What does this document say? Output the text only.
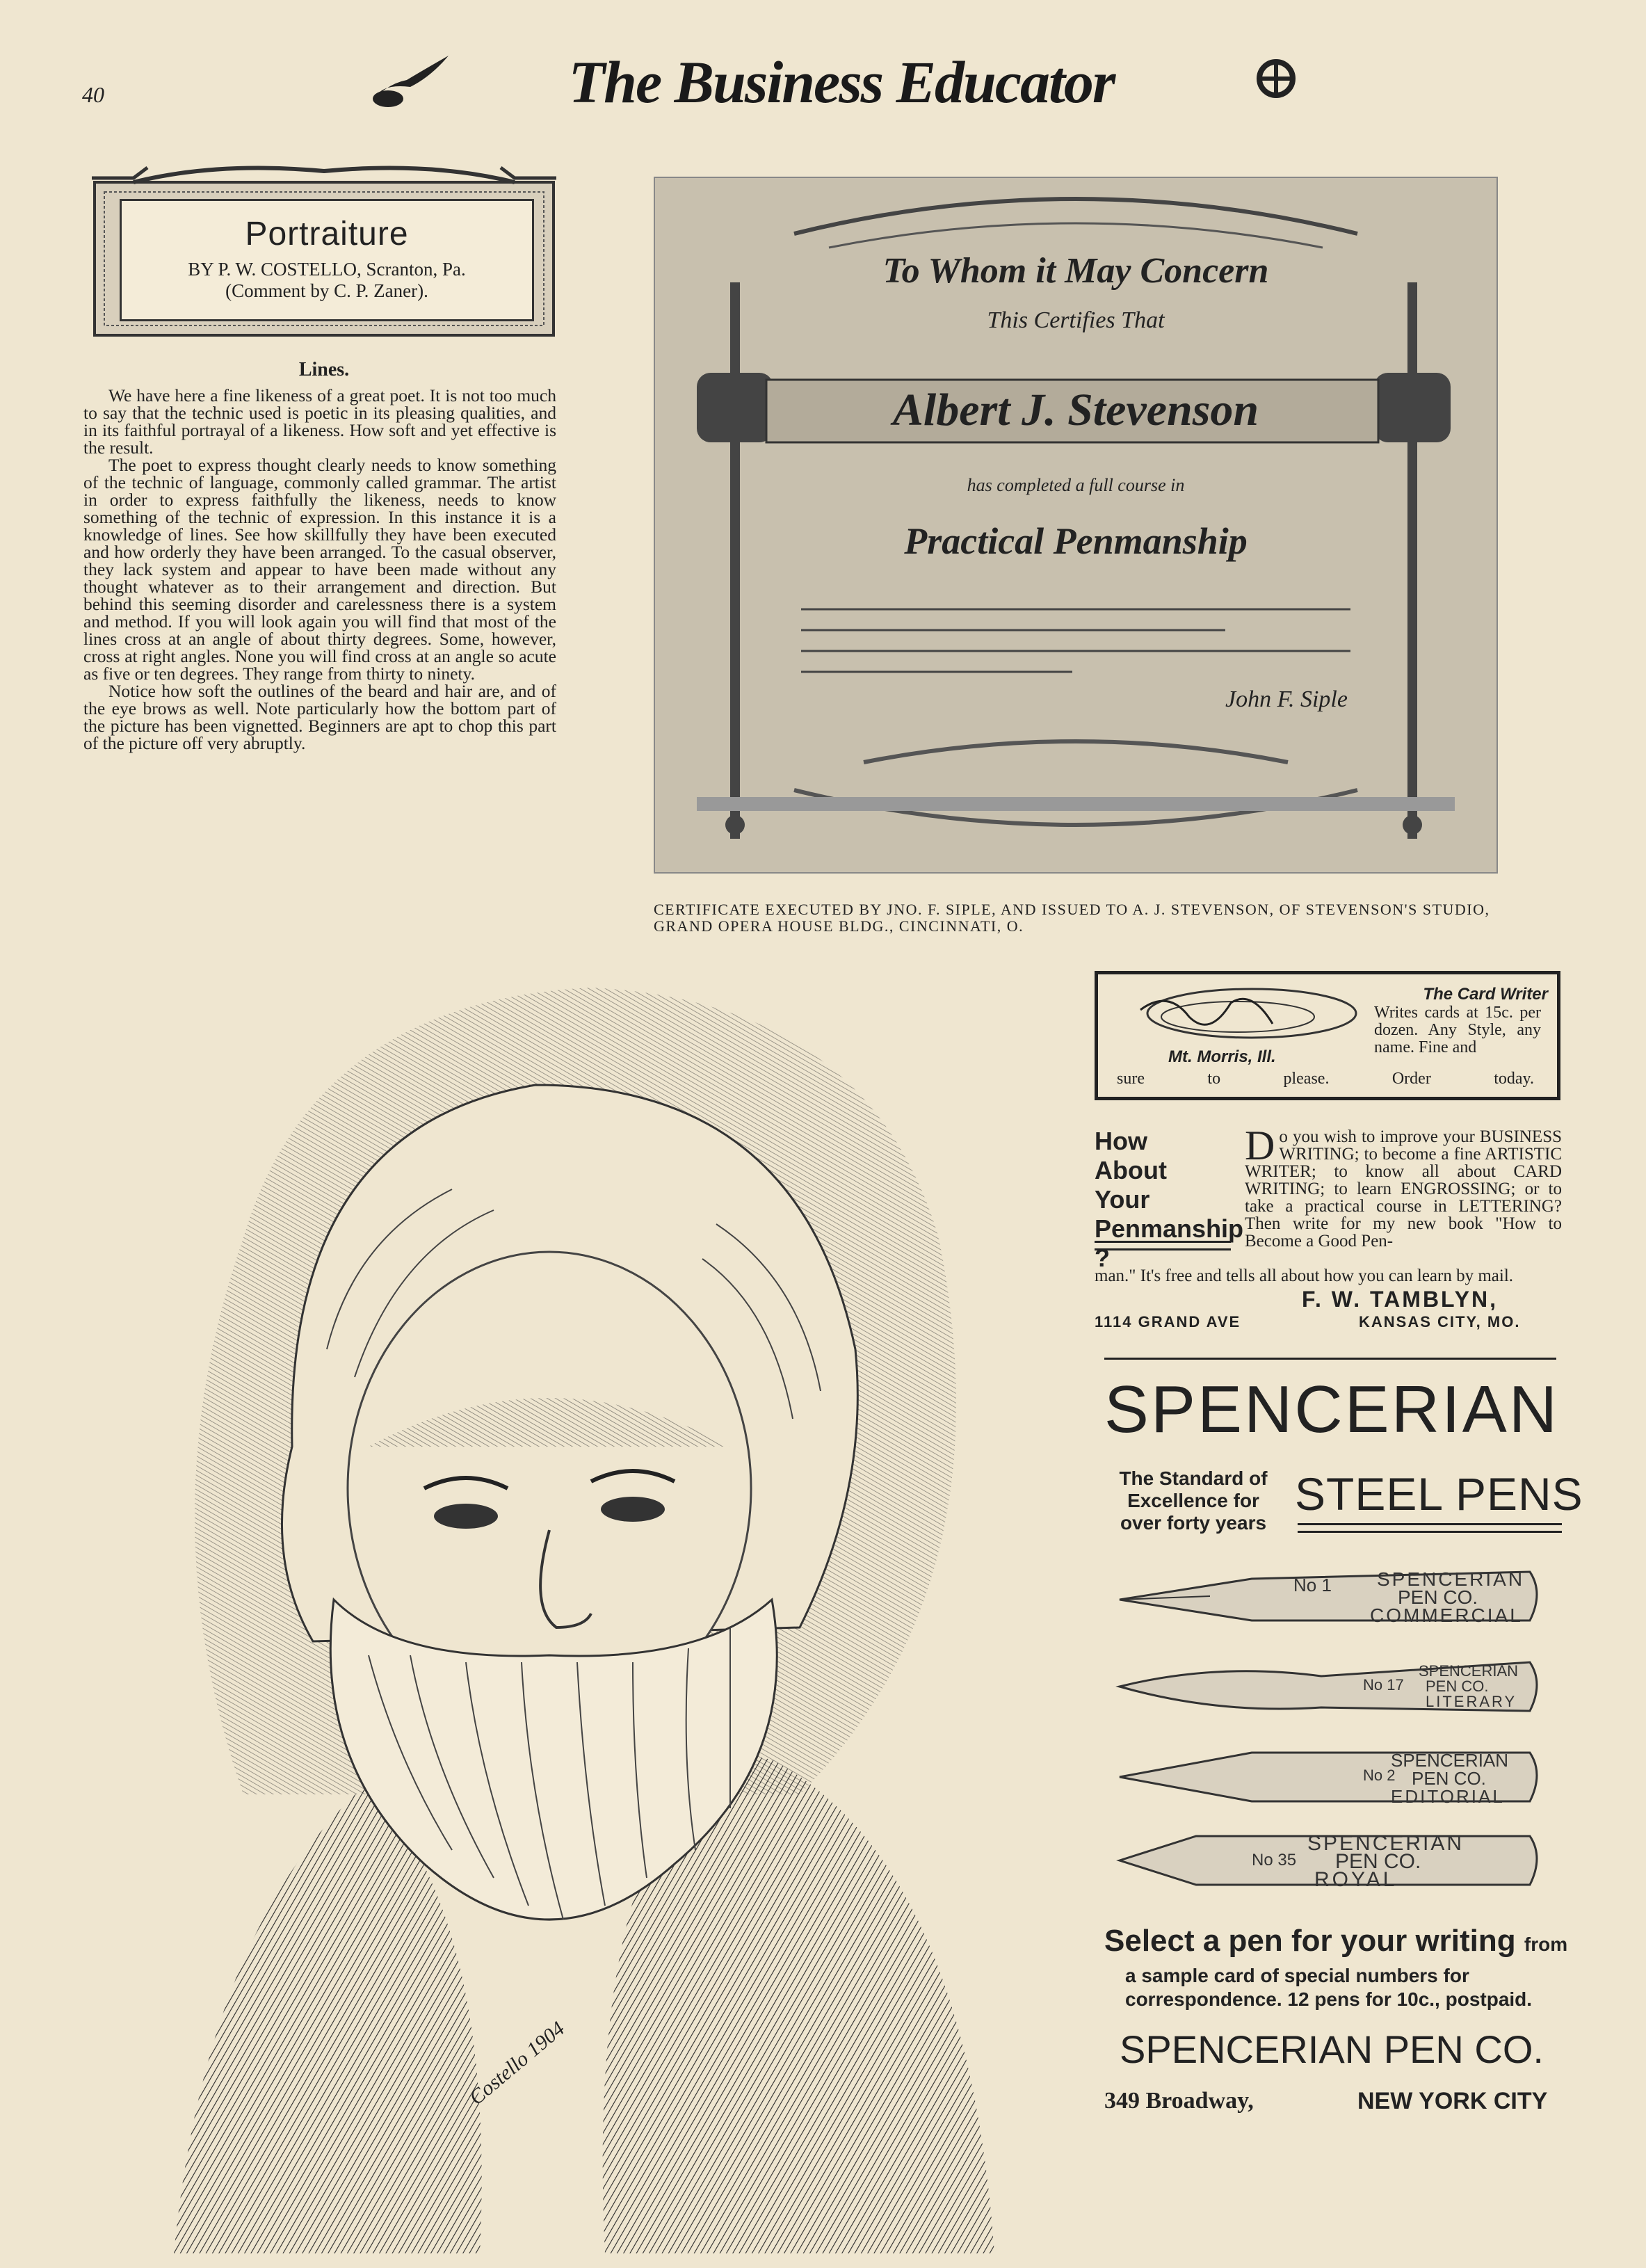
40	The Business Educator
Portraiture
BY P. W. COSTELLO, Scranton, Pa.
(Comment by C. P. Zaner).
Lines.

We have here a fine likeness of a great poet. It is not too much to say that the technic used is poetic in its pleasing qualities, and in its faithful portrayal of a likeness. How soft and yet effective is the result.

The poet to express thought clearly needs to know something of the technic of language, commonly called grammar. The artist in order to express faithfully the likeness, needs to know something of the technic of expression. In this instance it is a knowledge of lines. See how skillfully they have been executed and how orderly they have been arranged. To the casual observer, they lack system and appear to have been made without any thought whatever as to their arrangement and direction. But behind this seeming disorder and carelessness there is a system and method. If you will look again you will find that most of the lines cross at an angle of about thirty degrees. Some, however, cross at right angles. None you will find cross at an angle so acute as five or ten degrees. They range from thirty to ninety.

Notice how soft the outlines of the beard and hair are, and of the eye brows as well. Note particularly how the bottom part of the picture has been vignetted. Beginners are apt to chop this part of the picture off very abruptly.

To Whom it May Concern
This Certifies That
Albert J. Stevenson
has completed a full course in
Practical Penmanship
John F. Siple
CERTIFICATE EXECUTED BY JNO. F. SIPLE, AND ISSUED TO A. J. STEVENSON, OF STEVENSON'S STUDIO, GRAND OPERA HOUSE BLDG., CINCINNATI, O.
The Card Writer
Writes cards at 15c. per dozen. Any Style, any name. Fine and
Mt. Morris, Ill.
sure to please. Order today.
How
About
Your
Penmanship ?
Do you wish to improve your BUSINESS WRITING; to become a fine ARTISTIC WRITER; to know all about CARD WRITING; to learn ENGROSSING; or to take a practical course in LETTERING? Then write for my new book "How to Become a Good Pen-
man." It's free and tells all about how you can learn by mail.
F. W. TAMBLYN,
1114 GRAND AVE	KANSAS CITY, MO.
SPENCERIAN
The Standard of Excellence for over forty years
STEEL PENS
No 1 SPENCERIAN
PEN CO.
COMMERCIAL
No 17
SPENCERIAN
PEN CO.
LITERARY
No 2
SPENCERIAN
PEN CO.
EDITORIAL
No 35
SPENCERIAN
PEN CO.
ROYAL
Select a pen for your writing from
a sample card of special numbers for correspondence. 12 pens for 10c., postpaid.
SPENCERIAN PEN CO.
349 Broadway,	NEW YORK CITY
Costello 1904
